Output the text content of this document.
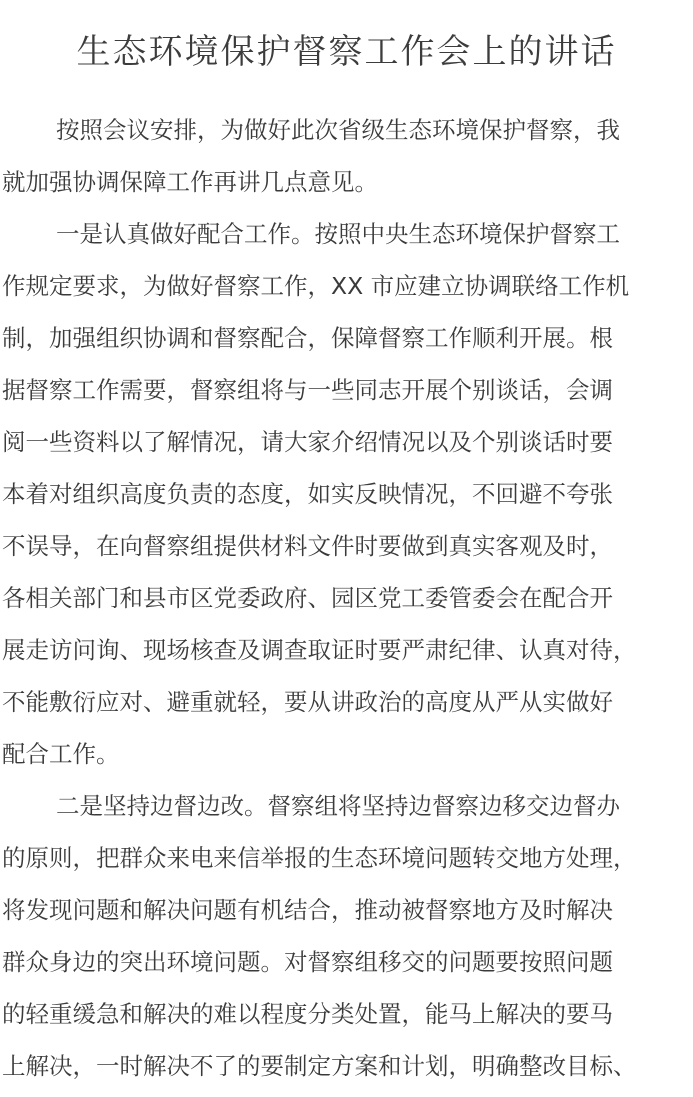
生态环境保护督察工作会上的讲话
按照会议安排，为做好此次省级生态环境保护督察，我
就加强协调保障工作再讲几点意见。
一是认真做好配合工作。按照中央生态环境保护督察工
作规定要求，为做好督察工作，XX 市应建立协调联络工作机
制，加强组织协调和督察配合，保障督察工作顺利开展。根
据督察工作需要，督察组将与一些同志开展个别谈话，会调
阅一些资料以了解情况，请大家介绍情况以及个别谈话时要
本着对组织高度负责的态度，如实反映情况，不回避不夸张
不误导，在向督察组提供材料文件时要做到真实客观及时，
各相关部门和县市区党委政府、园区党工委管委会在配合开
展走访问询、现场核查及调查取证时要严肃纪律、认真对待，
不能敷衍应对、避重就轻，要从讲政治的高度从严从实做好
配合工作。
二是坚持边督边改。督察组将坚持边督察边移交边督办
的原则，把群众来电来信举报的生态环境问题转交地方处理，
将发现问题和解决问题有机结合，推动被督察地方及时解决
群众身边的突出环境问题。对督察组移交的问题要按照问题
的轻重缓急和解决的难以程度分类处置，能马上解决的要马
上解决，一时解决不了的要制定方案和计划，明确整改目标、
